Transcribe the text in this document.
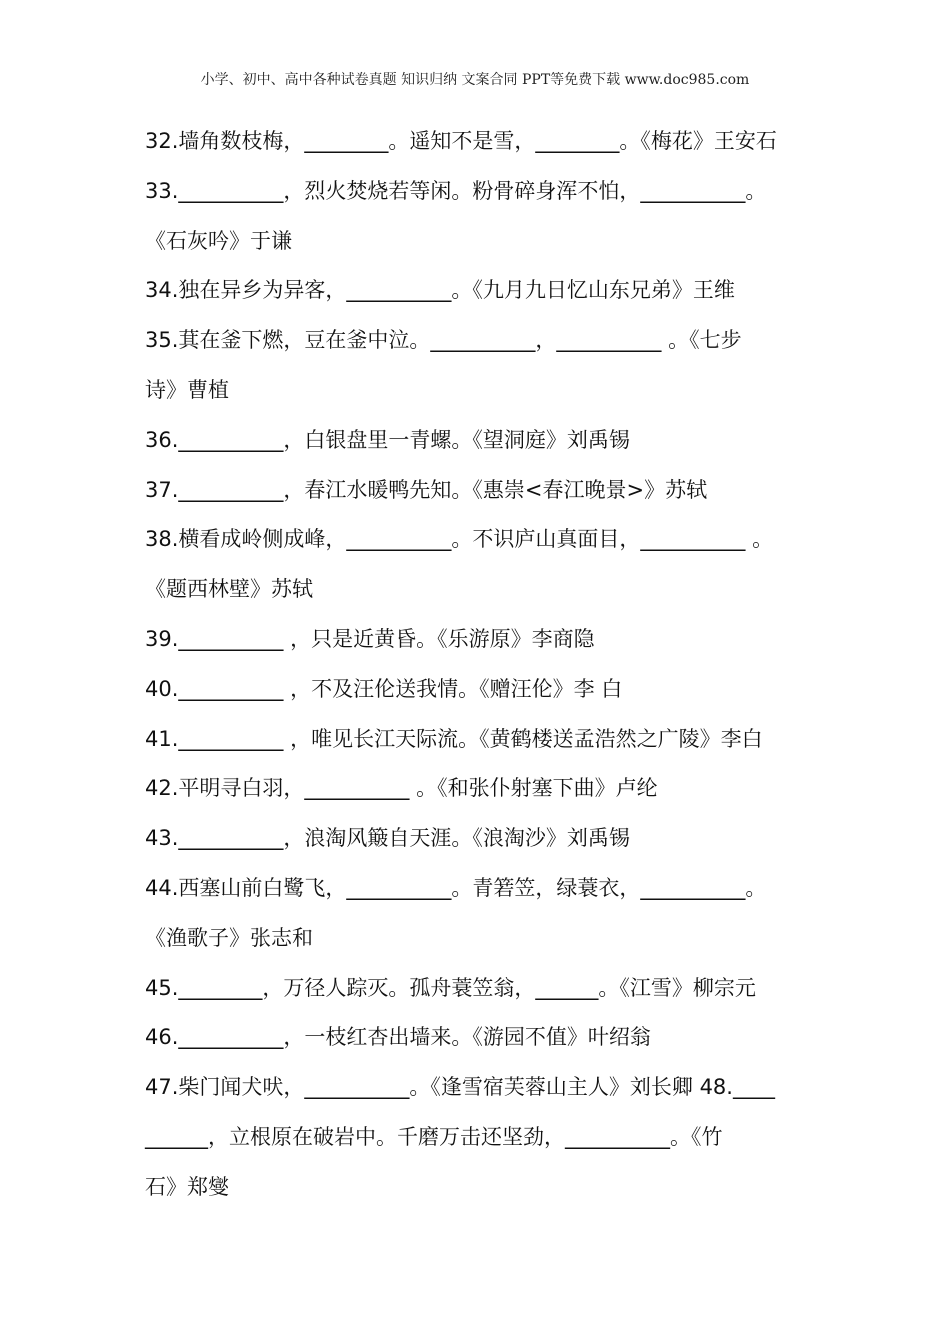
小学、初中、高中各种试卷真题 知识归纳 文案合同 PPT等免费下载 www.doc985.com
32.墙角数枝梅，________。遥知不是雪，________。《梅花》王安石
33.__________，烈火焚烧若等闲。粉骨碎身浑不怕，__________。
《石灰吟》于谦
34.独在异乡为异客，__________。《九月九日忆山东兄弟》王维
35.萁在釜下燃，豆在釜中泣。__________，__________ 。《七步
诗》曹植
36.__________，白银盘里一青螺。《望洞庭》刘禹锡
37.__________，春江水暖鸭先知。《惠崇<春江晚景>》苏轼
38.横看成岭侧成峰，__________。不识庐山真面目，__________ 。
《题西林壁》苏轼
39.__________ ，只是近黄昏。《乐游原》李商隐
40.__________ ，不及汪伦送我情。《赠汪伦》李 白
41.__________ ，唯见长江天际流。《黄鹤楼送孟浩然之广陵》李白
42.平明寻白羽，__________ 。《和张仆射塞下曲》卢纶
43.__________，浪淘风簸自天涯。《浪淘沙》刘禹锡
44.西塞山前白鹭飞，__________。青箬笠，绿蓑衣，__________。
《渔歌子》张志和
45.________，万径人踪灭。孤舟蓑笠翁，______。《江雪》柳宗元
46.__________，一枝红杏出墙来。《游园不值》叶绍翁
47.柴门闻犬吠，__________。《逢雪宿芙蓉山主人》刘长卿 48.____
______，立根原在破岩中。千磨万击还坚劲，__________。《竹
石》郑燮
